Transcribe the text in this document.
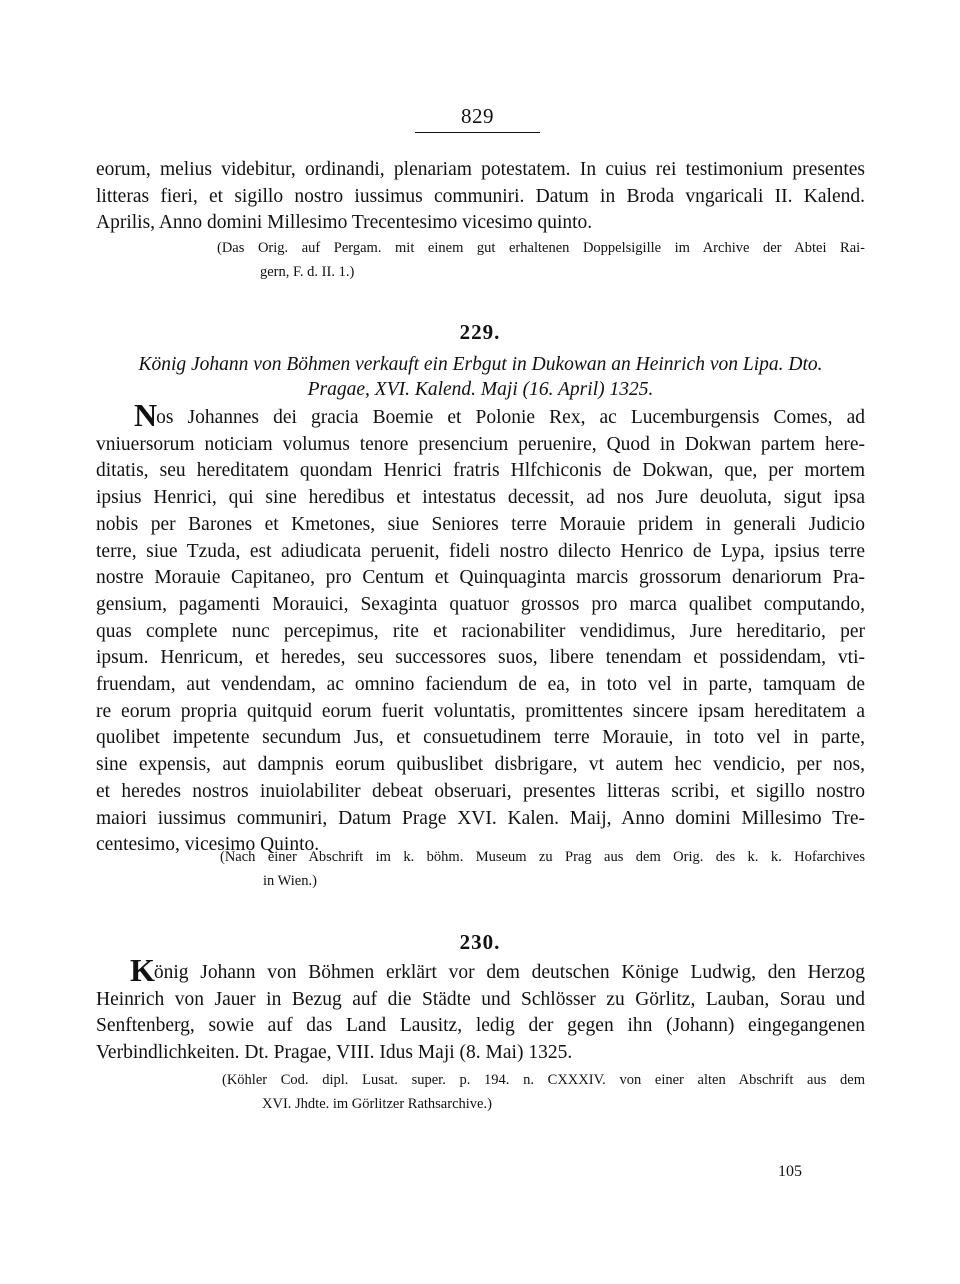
829
eorum, melius videbitur, ordinandi, plenariam potestatem. In cuius rei testimonium presentes
litteras fieri, et sigillo nostro iussimus communiri. Datum in Broda vngaricali II. Kalend.
Aprilis, Anno domini Millesimo Trecentesimo vicesimo quinto.
(Das Orig. auf Pergam. mit einem gut erhaltenen Doppelsigille im Archive der Abtei Rai-
gern, F. d. II. 1.)
229.
König Johann von Böhmen verkauft ein Erbgut in Dukowan an Heinrich von Lipa. Dto.
Pragae, XVI. Kalend. Maji (16. April) 1325.
Nos Johannes dei gracia Boemie et Polonie Rex, ac Lucemburgensis Comes, ad
vniuersorum noticiam volumus tenore presencium peruenire, Quod in Dokwan partem here-
ditatis, seu hereditatem quondam Henrici fratris Hlfchiconis de Dokwan, que, per mortem
ipsius Henrici, qui sine heredibus et intestatus decessit, ad nos Jure deuoluta, sigut ipsa
nobis per Barones et Kmetones, siue Seniores terre Morauie pridem in generali Judicio
terre, siue Tzuda, est adiudicata peruenit, fideli nostro dilecto Henrico de Lypa, ipsius terre
nostre Morauie Capitaneo, pro Centum et Quinquaginta marcis grossorum denariorum Pra-
gensium, pagamenti Morauici, Sexaginta quatuor grossos pro marca qualibet computando,
quas complete nunc percepimus, rite et racionabiliter vendidimus, Jure hereditario, per
ipsum. Henricum, et heredes, seu successores suos, libere tenendam et possidendam, vti-
fruendam, aut vendendam, ac omnino faciendum de ea, in toto vel in parte, tamquam de
re eorum propria quitquid eorum fuerit voluntatis, promittentes sincere ipsam hereditatem a
quolibet impetente secundum Jus, et consuetudinem terre Morauie, in toto vel in parte,
sine expensis, aut dampnis eorum quibuslibet disbrigare, vt autem hec vendicio, per nos,
et heredes nostros inuiolabiliter debeat obseruari, presentes litteras scribi, et sigillo nostro
maiori iussimus communiri, Datum Prage XVI. Kalen. Maij, Anno domini Millesimo Tre-
centesimo, vicesimo Quinto.
(Nach einer Abschrift im k. böhm. Museum zu Prag aus dem Orig. des k. k. Hofarchives
in Wien.)
230.
König Johann von Böhmen erklärt vor dem deutschen Könige Ludwig, den Herzog
Heinrich von Jauer in Bezug auf die Städte und Schlösser zu Görlitz, Lauban, Sorau und
Senftenberg, sowie auf das Land Lausitz, ledig der gegen ihn (Johann) eingegangenen
Verbindlichkeiten. Dt. Pragae, VIII. Idus Maji (8. Mai) 1325.
(Köhler Cod. dipl. Lusat. super. p. 194. n. CXXXIV. von einer alten Abschrift aus dem
XVI. Jhdte. im Görlitzer Rathsarchive.)
105
